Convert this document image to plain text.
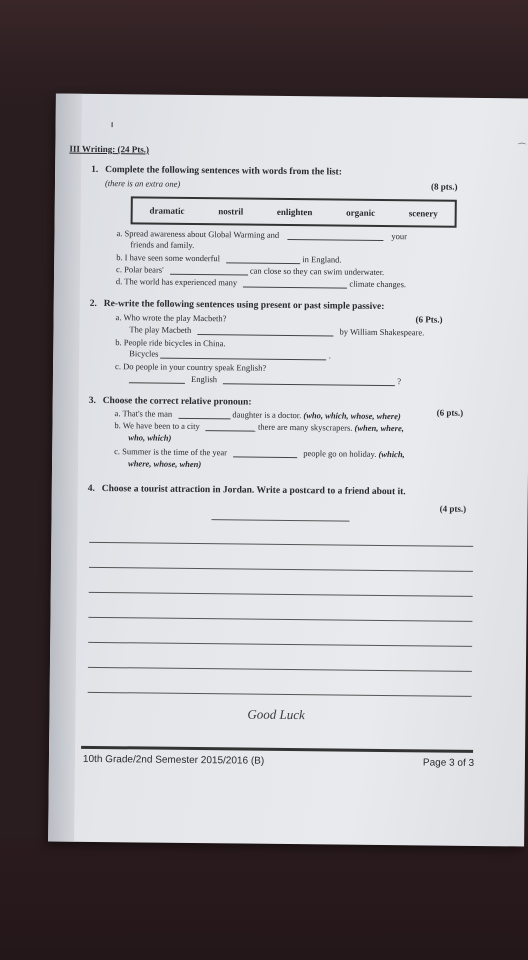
⌒
III Writing: (24 Pts.)
1. Complete the following sentences with words from the list:
(there is an extra one)	(8 pts.)
dramatic	nostril	enlighten	organic	scenery
a. Spread awareness about Global Warming and	your
friends and family.
b. I have seen some wonderful	in England.
c. Polar bears'	can close so they can swim underwater.
d. The world has experienced many	climate changes.
2. Re-write the following sentences using present or past simple passive:
(6 Pts.)
a. Who wrote the play Macbeth?
The play Macbeth	by William Shakespeare.
b. People ride bicycles in China.
Bicycles	.
c. Do people in your country speak English?
English	?
3. Choose the correct relative pronoun:
(6 pts.)
a. That's the man	daughter is a doctor. (who, which, whose, where)
b. We have been to a city	there are many skyscrapers. (when, where,
who, which)
c. Summer is the time of the year	people go on holiday. (which,
where, whose, when)
4. Choose a tourist attraction in Jordan. Write a postcard to a friend about it.
(4 pts.)
Good Luck
10th Grade/2nd Semester 2015/2016 (B)	Page 3 of 3
